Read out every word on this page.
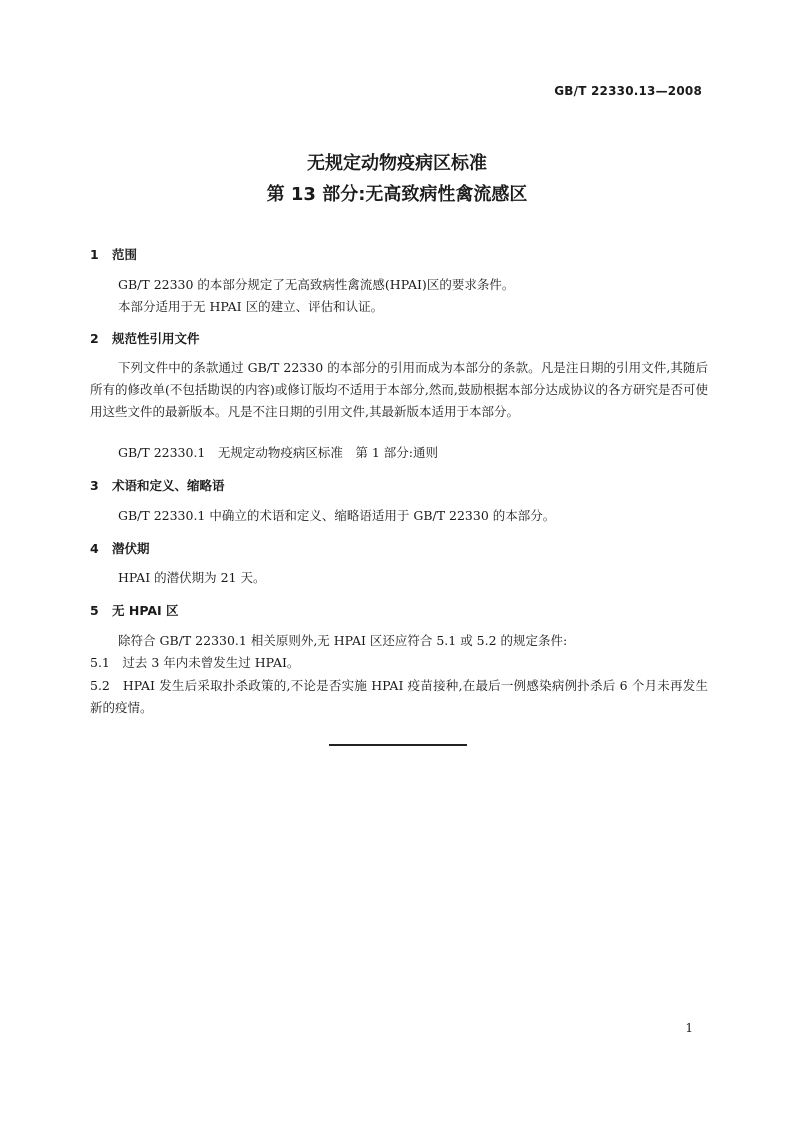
GB/T 22330.13—2008
无规定动物疫病区标准
第 13 部分:无高致病性禽流感区
1 范围
GB/T 22330 的本部分规定了无高致病性禽流感(HPAI)区的要求条件。
本部分适用于无 HPAI 区的建立、评估和认证。
2 规范性引用文件
下列文件中的条款通过 GB/T 22330 的本部分的引用而成为本部分的条款。凡是注日期的引用文件,其随后所有的修改单(不包括勘误的内容)或修订版均不适用于本部分,然而,鼓励根据本部分达成协议的各方研究是否可使用这些文件的最新版本。凡是不注日期的引用文件,其最新版本适用于本部分。
GB/T 22330.1　无规定动物疫病区标准　第 1 部分:通则
3 术语和定义、缩略语
GB/T 22330.1 中确立的术语和定义、缩略语适用于 GB/T 22330 的本部分。
4 潜伏期
HPAI 的潜伏期为 21 天。
5 无 HPAI 区
除符合 GB/T 22330.1 相关原则外,无 HPAI 区还应符合 5.1 或 5.2 的规定条件:
5.1　 过去 3 年内未曾发生过 HPAI。
5.2　 HPAI 发生后采取扑杀政策的,不论是否实施 HPAI 疫苗接种,在最后一例感染病例扑杀后 6 个月未再发生新的疫情。
1
